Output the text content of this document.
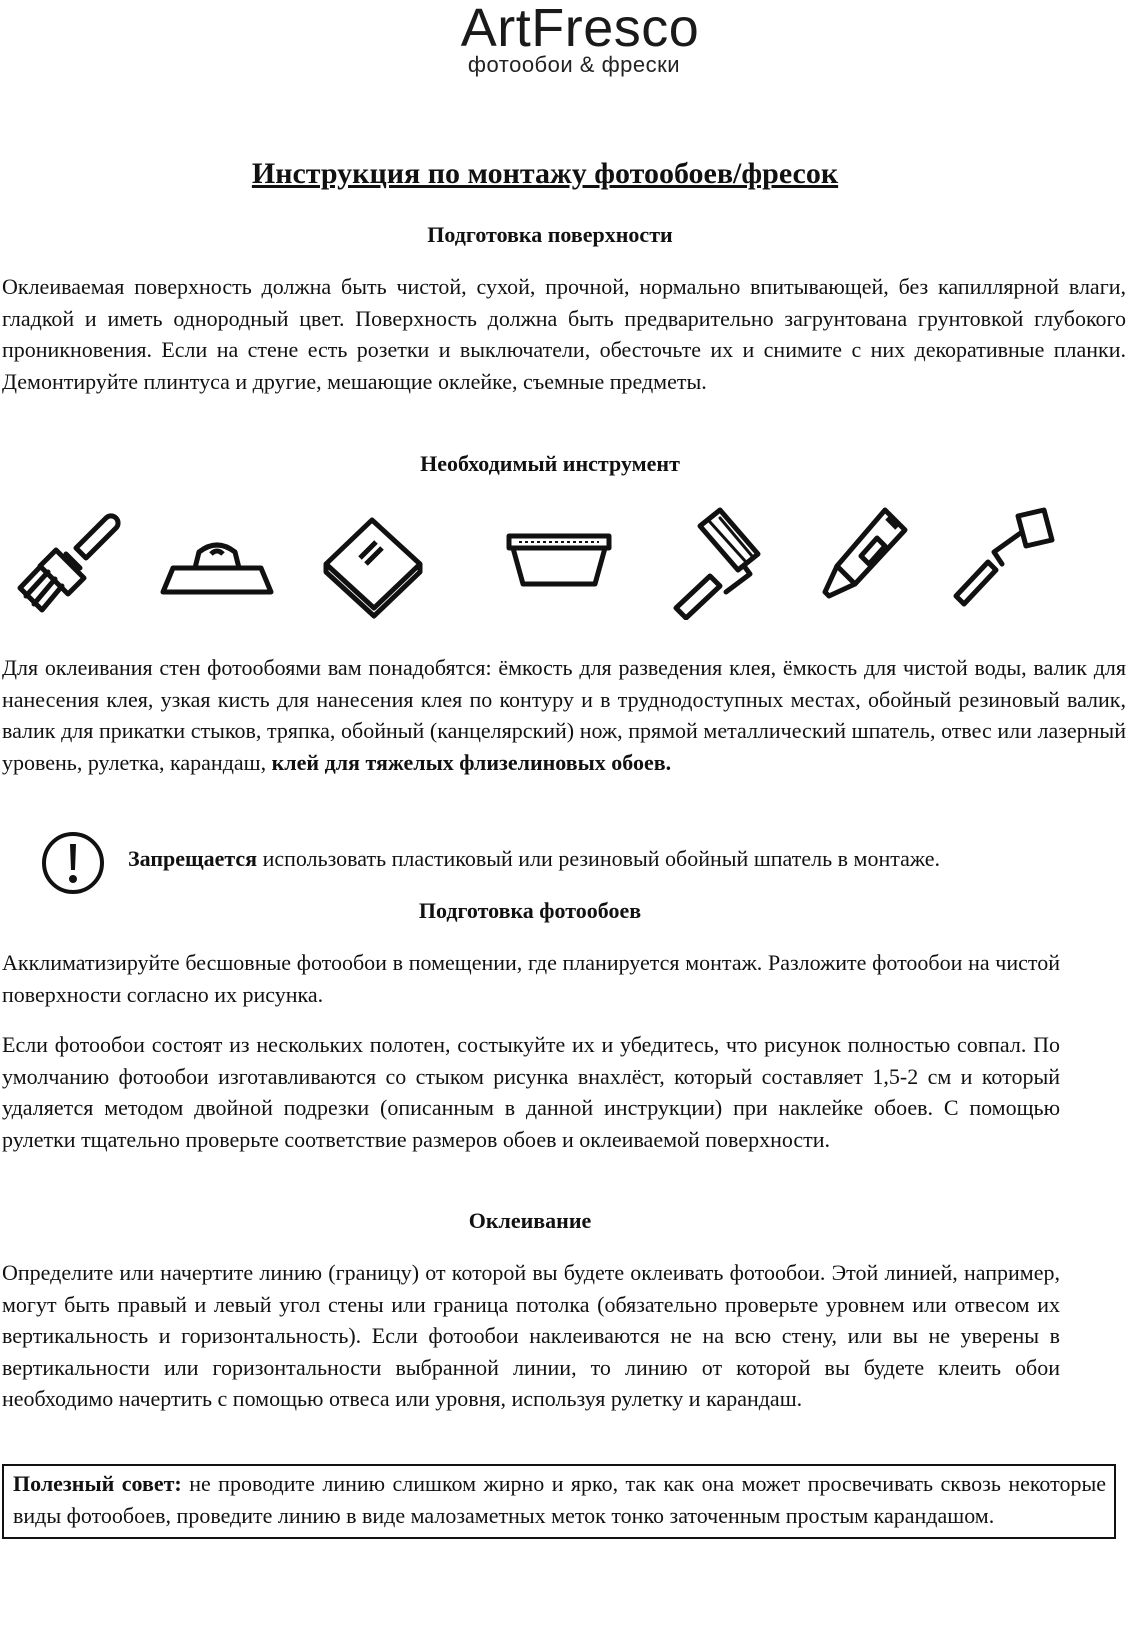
ArtFresco
фотообои & фрески
Инструкция по монтажу фотообоев/фресок
Подготовка поверхности
Оклеиваемая поверхность должна быть чистой, сухой, прочной, нормально впитывающей, без капиллярной влаги, гладкой и иметь однородный цвет. Поверхность должна быть предварительно загрунтована грунтовкой глубокого проникновения. Если на стене есть розетки и выключатели, обесточьте их и снимите с них декоративные планки. Демонтируйте плинтуса и другие, мешающие оклейке, съемные предметы.
Необходимый инструмент
Для оклеивания стен фотообоями вам понадобятся: ёмкость для разведения клея, ёмкость для чистой воды, валик для нанесения клея, узкая кисть для нанесения клея по контуру и в труднодоступных местах, обойный резиновый валик, валик для прикатки стыков, тряпка, обойный (канцелярский) нож, прямой металлический шпатель, отвес или лазерный уровень, рулетка, карандаш, клей для тяжелых флизелиновых обоев.
Запрещается использовать пластиковый или резиновый обойный шпатель в монтаже.
Подготовка фотообоев
Акклиматизируйте бесшовные фотообои в помещении, где планируется монтаж. Разложите фотообои на чистой поверхности согласно их рисунка.
Если фотообои состоят из нескольких полотен, состыкуйте их и убедитесь, что рисунок полностью совпал. По умолчанию фотообои изготавливаются со стыком рисунка внахлёст, который составляет 1,5-2 см и который удаляется методом двойной подрезки (описанным в данной инструкции) при наклейке обоев. С помощью рулетки тщательно проверьте соответствие размеров обоев и оклеиваемой поверхности.
Оклеивание
Определите или начертите линию (границу) от которой вы будете оклеивать фотообои. Этой линией, например, могут быть правый и левый угол стены или граница потолка (обязательно проверьте уровнем или отвесом их вертикальность и горизонтальность). Если фотообои наклеиваются не на всю стену, или вы не уверены в вертикальности или горизонтальности выбранной линии, то линию от которой вы будете клеить обои необходимо начертить с помощью отвеса или уровня, используя рулетку и карандаш.
Полезный совет: не проводите линию слишком жирно и ярко, так как она может просвечивать сквозь некоторые виды фотообоев, проведите линию в виде малозаметных меток тонко заточенным простым карандашом.
